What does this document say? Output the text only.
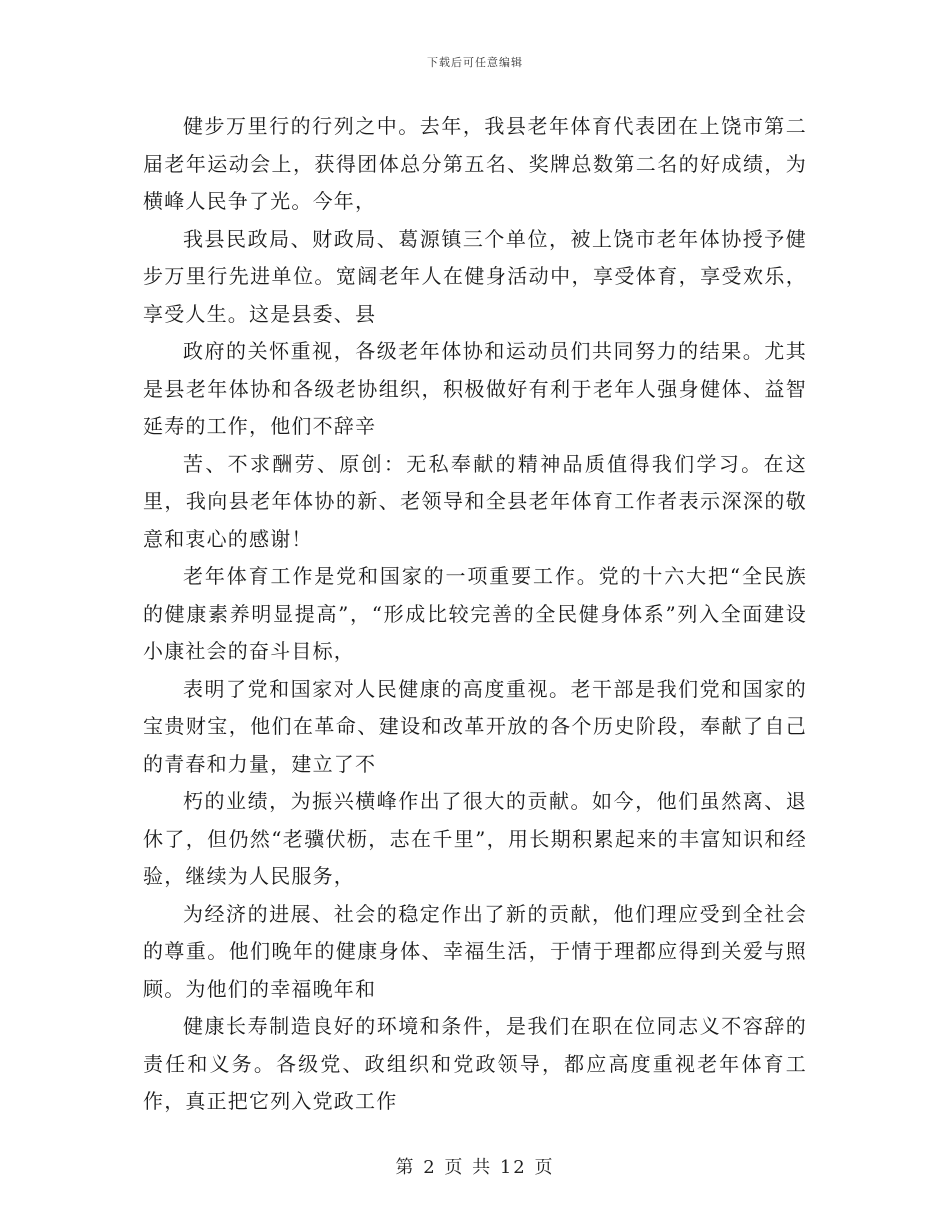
下载后可任意编辑

健步万里行的行列之中。去年，我县老年体育代表团在上饶市第二届老年运动会上，获得团体总分第五名、奖牌总数第二名的好成绩，为横峰人民争了光。今年，

我县民政局、财政局、葛源镇三个单位，被上饶市老年体协授予健步万里行先进单位。宽阔老年人在健身活动中，享受体育，享受欢乐，享受人生。这是县委、县

政府的关怀重视，各级老年体协和运动员们共同努力的结果。尤其是县老年体协和各级老协组织，积极做好有利于老年人强身健体、益智延寿的工作，他们不辞辛

苦、不求酬劳、原创：无私奉献的精神品质值得我们学习。在这里，我向县老年体协的新、老领导和全县老年体育工作者表示深深的敬意和衷心的感谢！

老年体育工作是党和国家的一项重要工作。党的十六大把“全民族的健康素养明显提高”，“形成比较完善的全民健身体系”列入全面建设小康社会的奋斗目标，

表明了党和国家对人民健康的高度重视。老干部是我们党和国家的宝贵财宝，他们在革命、建设和改革开放的各个历史阶段，奉献了自己的青春和力量，建立了不

朽的业绩，为振兴横峰作出了很大的贡献。如今，他们虽然离、退休了，但仍然“老骥伏枥，志在千里”，用长期积累起来的丰富知识和经验，继续为人民服务，

为经济的进展、社会的稳定作出了新的贡献，他们理应受到全社会的尊重。他们晚年的健康身体、幸福生活，于情于理都应得到关爱与照顾。为他们的幸福晚年和

健康长寿制造良好的环境和条件，是我们在职在位同志义不容辞的责任和义务。各级党、政组织和党政领导，都应高度重视老年体育工作，真正把它列入党政工作

第 2 页 共 12 页
